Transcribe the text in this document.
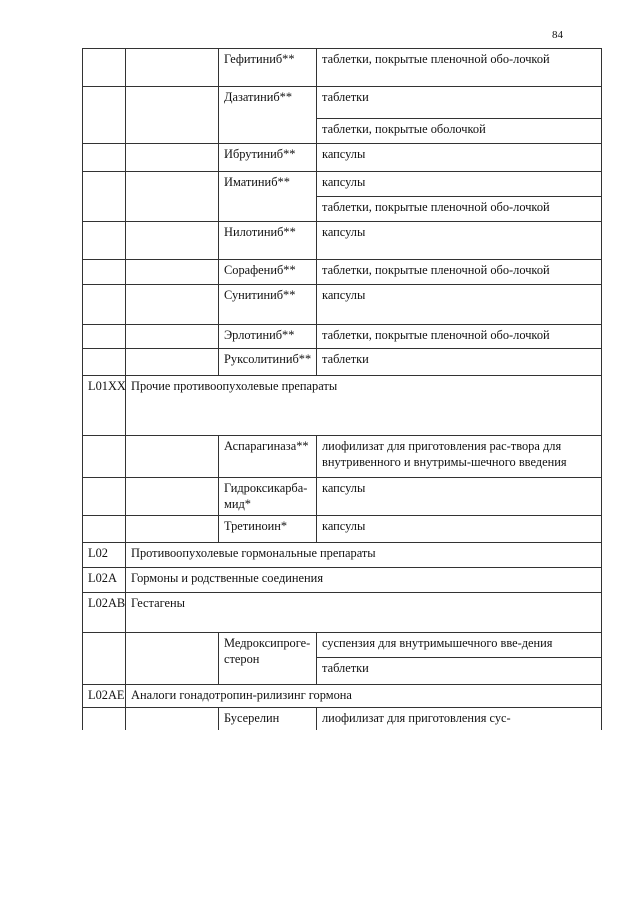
84
		Гефитиниб**	таблетки, покрытые пленочной обо-лочкой
		Дазатиниб**	таблетки
			таблетки, покрытые оболочкой
		Ибрутиниб**	капсулы
		Иматиниб**	капсулы
			таблетки, покрытые пленочной обо-лочкой
		Нилотиниб**	капсулы
		Сорафениб**	таблетки, покрытые пленочной обо-лочкой
		Сунитиниб**	капсулы
		Эрлотиниб**	таблетки, покрытые пленочной обо-лочкой
		Руксолитиниб**	таблетки
L01XX	Прочие противоопухолевые препараты		
		Аспарагиназа**	лиофилизат для приготовления рас-твора для внутривенного и внутримы-шечного введения
		Гидроксикарба-мид*	капсулы
		Третиноин*	капсулы
L02	Противоопухолевые гормональные препараты		
L02A	Гормоны и родственные соединения		
L02AB	Гестагены		
		Медроксипроге-стерон	суспензия для внутримышечного вве-дения
			таблетки
L02AE	Аналоги гонадотропин-рилизинг гормона		
		Бусерелин	лиофилизат для приготовления сус-
